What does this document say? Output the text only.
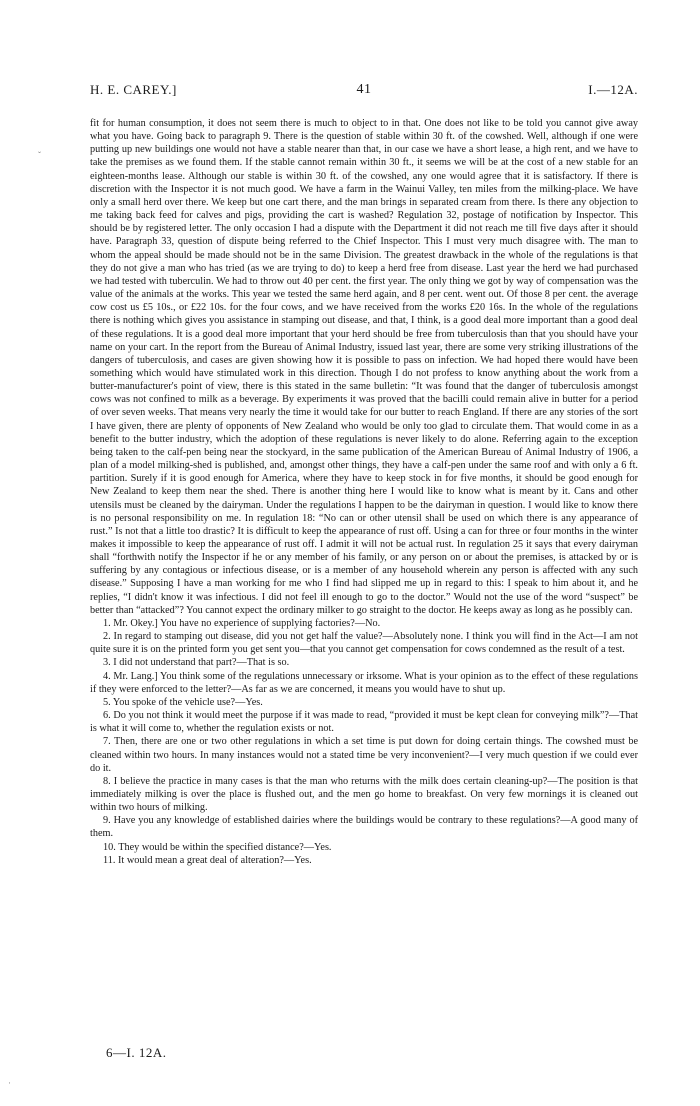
H. E. CAREY.]	41	I.—12A.

fit for human consumption, it does not seem there is much to object to in that. One does not like to be told you cannot give away what you have. Going back to paragraph 9. There is the question of stable within 30 ft. of the cowshed. Well, although if one were putting up new buildings one would not have a stable nearer than that, in our case we have a short lease, a high rent, and we have to take the premises as we found them. If the stable cannot remain within 30 ft., it seems we will be at the cost of a new stable for an eighteen-months lease. Although our stable is within 30 ft. of the cowshed, any one would agree that it is satisfactory. If there is discretion with the Inspector it is not much good. We have a farm in the Wainui Valley, ten miles from the milking-place. We have only a small herd over there. We keep but one cart there, and the man brings in separated cream from there. Is there any objection to me taking back feed for calves and pigs, providing the cart is washed? Regulation 32, postage of notification by Inspector. This should be by registered letter. The only occasion I had a dispute with the Department it did not reach me till five days after it should have. Paragraph 33, question of dispute being referred to the Chief Inspector. This I must very much disagree with. The man to whom the appeal should be made should not be in the same Division. The greatest drawback in the whole of the regulations is that they do not give a man who has tried (as we are trying to do) to keep a herd free from disease. Last year the herd we had purchased we had tested with tuberculin. We had to throw out 40 per cent. the first year. The only thing we got by way of compensation was the value of the animals at the works. This year we tested the same herd again, and 8 per cent. went out. Of those 8 per cent. the average cow cost us £5 10s., or £22 10s. for the four cows, and we have received from the works £20 16s. In the whole of the regulations there is nothing which gives you assistance in stamping out disease, and that, I think, is a good deal more important than a good deal of these regulations. It is a good deal more important that your herd should be free from tuberculosis than that you should have your name on your cart. In the report from the Bureau of Animal Industry, issued last year, there are some very striking illustrations of the dangers of tuberculosis, and cases are given showing how it is possible to pass on infection. We had hoped there would have been something which would have stimulated work in this direction. Though I do not profess to know anything about the work from a butter-manufacturer's point of view, there is this stated in the same bulletin: “It was found that the danger of tuberculosis amongst cows was not confined to milk as a beverage. By experiments it was proved that the bacilli could remain alive in butter for a period of over seven weeks. That means very nearly the time it would take for our butter to reach England. If there are any stories of the sort I have given, there are plenty of opponents of New Zealand who would be only too glad to circulate them. That would come in as a benefit to the butter industry, which the adoption of these regulations is never likely to do alone. Referring again to the exception being taken to the calf-pen being near the stockyard, in the same publication of the American Bureau of Animal Industry of 1906, a plan of a model milking-shed is published, and, amongst other things, they have a calf-pen under the same roof and with only a 6 ft. partition. Surely if it is good enough for America, where they have to keep stock in for five months, it should be good enough for New Zealand to keep them near the shed. There is another thing here I would like to know what is meant by it. Cans and other utensils must be cleaned by the dairyman. Under the regulations I happen to be the dairyman in question. I would like to know there is no personal responsibility on me. In regulation 18: “No can or other utensil shall be used on which there is any appearance of rust.” Is not that a little too drastic? It is difficult to keep the appearance of rust off. Using a can for three or four months in the winter makes it impossible to keep the appearance of rust off. I admit it will not be actual rust. In regulation 25 it says that every dairyman shall “forthwith notify the Inspector if he or any member of his family, or any person on or about the premises, is attacked by or is suffering by any contagious or infectious disease, or is a member of any household wherein any person is affected with any such disease.” Supposing I have a man working for me who I find had slipped me up in regard to this: I speak to him about it, and he replies, “I didn't know it was infectious. I did not feel ill enough to go to the doctor.” Would not the use of the word “suspect” be better than “attacked”? You cannot expect the ordinary milker to go straight to the doctor. He keeps away as long as he possibly can.

1. Mr. Okey.] You have no experience of supplying factories?—No.

2. In regard to stamping out disease, did you not get half the value?—Absolutely none. I think you will find in the Act—I am not quite sure it is on the printed form you get sent you—that you cannot get compensation for cows condemned as the result of a test.

3. I did not understand that part?—That is so.

4. Mr. Lang.] You think some of the regulations unnecessary or irksome. What is your opinion as to the effect of these regulations if they were enforced to the letter?—As far as we are concerned, it means you would have to shut up.

5. You spoke of the vehicle use?—Yes.

6. Do you not think it would meet the purpose if it was made to read, “provided it must be kept clean for conveying milk”?—That is what it will come to, whether the regulation exists or not.

7. Then, there are one or two other regulations in which a set time is put down for doing certain things. The cowshed must be cleaned within two hours. In many instances would not a stated time be very inconvenient?—I very much question if we could ever do it.

8. I believe the practice in many cases is that the man who returns with the milk does certain cleaning-up?—The position is that immediately milking is over the place is flushed out, and the men go home to breakfast. On very few mornings it is cleaned out within two hours of milking.

9. Have you any knowledge of established dairies where the buildings would be contrary to these regulations?—A good many of them.

10. They would be within the specified distance?—Yes.

11. It would mean a great deal of alteration?—Yes.

6—I. 12A.
ˇ
·
